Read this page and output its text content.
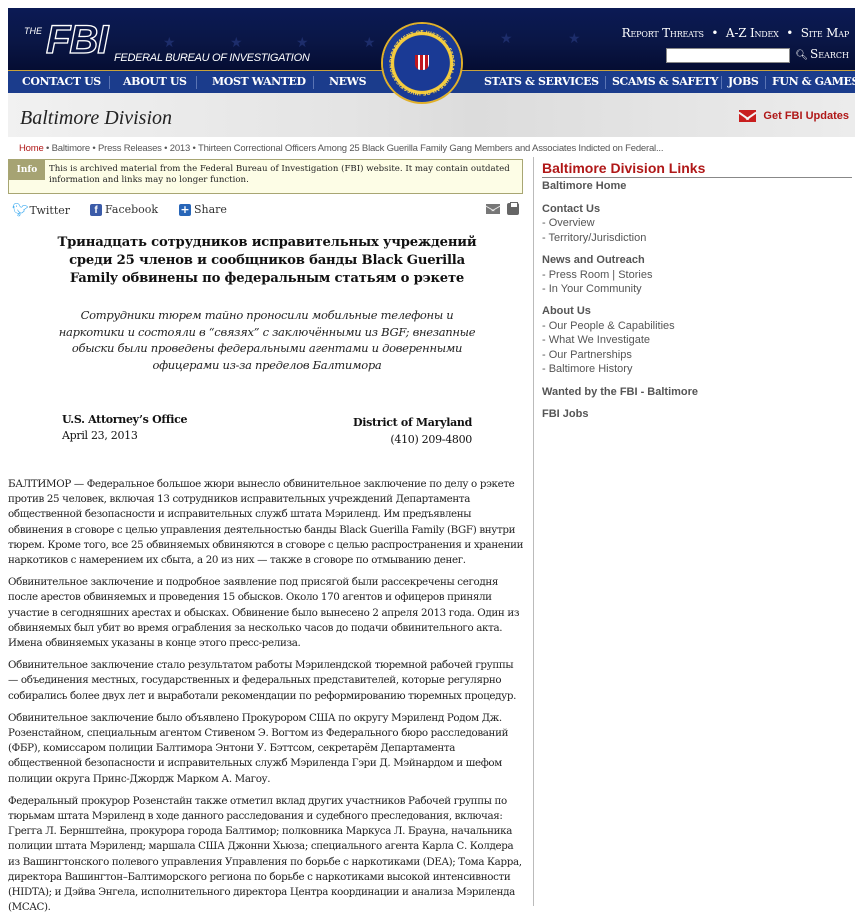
★	★	★	★	★	★
THE FBI FEDERAL BUREAU OF INVESTIGATION
Report Threats • A-Z Index • Site Map
🔍︎ Search
CONTACT US ABOUT US MOST WANTED NEWS	STATS & SERVICES SCAMS & SAFETY JOBS FUN & GAMES
Baltimore Division	Get FBI Updates
DEPARTMENT OF JUSTICE · FEDERAL BUREAU OF INVESTIGATION
Home • Baltimore • Press Releases • 2013 • Thirteen Correctional Officers Among 25 Black Guerilla Family Gang Members and Associates Indicted on Federal...
Info	This is archived material from the Federal Bureau of Investigation (FBI) website. It may contain outdated information and links may no longer function.
🐦︎ Twitter	f Facebook + Share
Тринадцать сотрудников исправительных учреждений среди 25 членов и сообщников банды Black Guerilla Family обвинены по федеральным статьям о рэкете
Сотрудники тюрем тайно проносили мобильные телефоны и наркотики и состояли в “связях” с заключёнными из BGF; внезапные обыски были проведены федеральными агентами и доверенными офицерами из-за пределов Балтимора
U.S. Attorney’s Office
April 23, 2013
District of Maryland
(410) 209-4800

БАЛТИМОР — Федеральное большое жюри вынесло обвинительное заключение по делу о рэкете против 25 человек, включая 13 сотрудников исправительных учреждений Департамента общественной безопасности и исправительных служб штата Мэриленд. Им предъявлены обвинения в сговоре с целью управления деятельностью банды Black Guerilla Family (BGF) внутри тюрем. Кроме того, все 25 обвиняемых обвиняются в сговоре с целью распространения и хранении наркотиков с намерением их сбыта, а 20 из них — также в сговоре по отмыванию денег.

Обвинительное заключение и подробное заявление под присягой были рассекречены сегодня после арестов обвиняемых и проведения 15 обысков. Около 170 агентов и офицеров приняли участие в сегодняшних арестах и обысках. Обвинение было вынесено 2 апреля 2013 года. Один из обвиняемых был убит во время ограбления за несколько часов до подачи обвинительного акта. Имена обвиняемых указаны в конце этого пресс-релиза.

Обвинительное заключение стало результатом работы Мэрилендской тюремной рабочей группы — объединения местных, государственных и федеральных представителей, которые регулярно собирались более двух лет и выработали рекомендации по реформированию тюремных процедур.

Обвинительное заключение было объявлено Прокурором США по округу Мэриленд Родом Дж. Розенстайном, специальным агентом Стивеном Э. Вогтом из Федерального бюро расследований (ФБР), комиссаром полиции Балтимора Энтони У. Бэттсом, секретарём Департамента общественной безопасности и исправительных служб Мэриленда Гэри Д. Мэйнардом и шефом полиции округа Принс-Джордж Марком А. Магоу.

Федеральный прокурор Розенстайн также отметил вклад других участников Рабочей группы по тюрьмам штата Мэриленд в ходе данного расследования и судебного преследования, включая: Грегга Л. Бернштейна, прокурора города Балтимор; полковника Маркуса Л. Брауна, начальника полиции штата Мэриленд; маршала США Джонни Хьюза; специального агента Карла С. Колдера из Вашингтонского полевого управления Управления по борьбе с наркотиками (DEA); Тома Карра, директора Вашингтон–Балтиморского региона по борьбе с наркотиками высокой интенсивности (HIDTA); и Дэйва Энгела, исполнительного директора Центра координации и анализа Мэриленда (MCAC).

Baltimore Division Links
Baltimore Home
Contact Us
- Overview
- Territory/Jurisdiction
News and Outreach
- Press Room | Stories
- In Your Community
About Us
- Our People & Capabilities
- What We Investigate
- Our Partnerships
- Baltimore History
Wanted by the FBI - Baltimore
FBI Jobs
